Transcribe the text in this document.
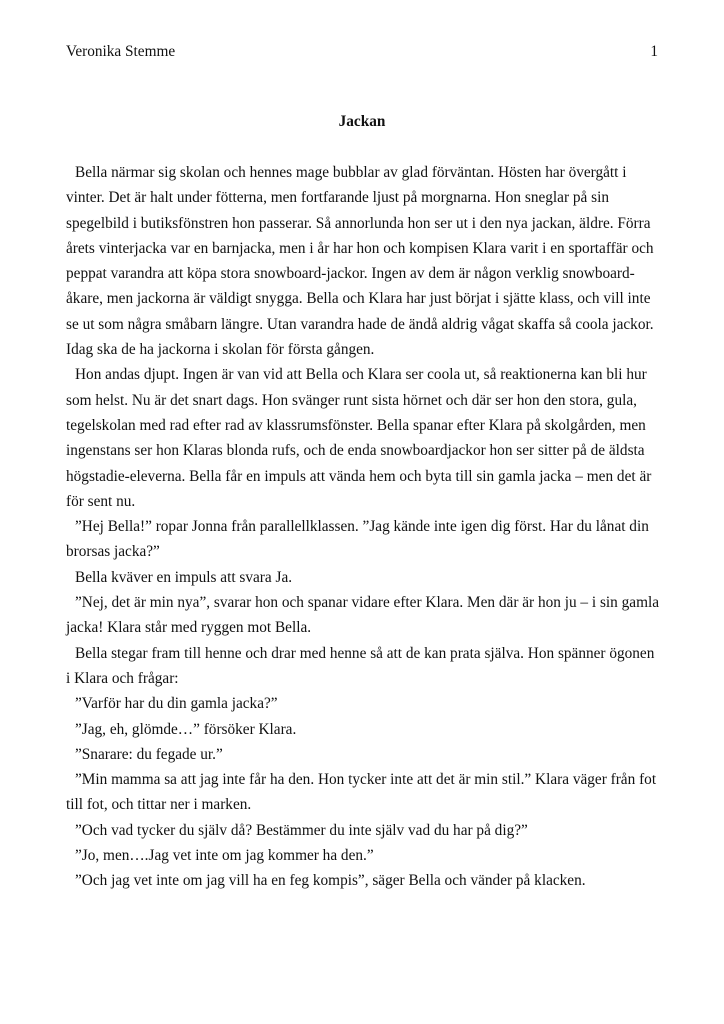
Veronika Stemme	1

Jackan

Bella närmar sig skolan och hennes mage bubblar av glad förväntan. Hösten har övergått i vinter. Det är halt under fötterna, men fortfarande ljust på morgnarna. Hon sneglar på sin spegelbild i butiksfönstren hon passerar. Så annorlunda hon ser ut i den nya jackan, äldre. Förra årets vinterjacka var en barnjacka, men i år har hon och kompisen Klara varit i en sportaffär och peppat varandra att köpa stora snowboard-jackor. Ingen av dem är någon verklig snowboard-åkare, men jackorna är väldigt snygga. Bella och Klara har just börjat i sjätte klass, och vill inte se ut som några småbarn längre. Utan varandra hade de ändå aldrig vågat skaffa så coola jackor. Idag ska de ha jackorna i skolan för första gången.

Hon andas djupt. Ingen är van vid att Bella och Klara ser coola ut, så reaktionerna kan bli hur som helst. Nu är det snart dags. Hon svänger runt sista hörnet och där ser hon den stora, gula, tegelskolan med rad efter rad av klassrumsfönster. Bella spanar efter Klara på skolgården, men ingenstans ser hon Klaras blonda rufs, och de enda snowboardjackor hon ser sitter på de äldsta högstadie-eleverna. Bella får en impuls att vända hem och byta till sin gamla jacka – men det är för sent nu.

”Hej Bella!” ropar Jonna från parallellklassen. ”Jag kände inte igen dig först. Har du lånat din brorsas jacka?”

Bella kväver en impuls att svara Ja.

”Nej, det är min nya”, svarar hon och spanar vidare efter Klara. Men där är hon ju – i sin gamla jacka! Klara står med ryggen mot Bella.

Bella stegar fram till henne och drar med henne så att de kan prata själva. Hon spänner ögonen i Klara och frågar:

”Varför har du din gamla jacka?”

”Jag, eh, glömde…” försöker Klara.

”Snarare: du fegade ur.”

”Min mamma sa att jag inte får ha den. Hon tycker inte att det är min stil.” Klara väger från fot till fot, och tittar ner i marken.

”Och vad tycker du själv då? Bestämmer du inte själv vad du har på dig?”

”Jo, men….Jag vet inte om jag kommer ha den.”

”Och jag vet inte om jag vill ha en feg kompis”, säger Bella och vänder på klacken.
